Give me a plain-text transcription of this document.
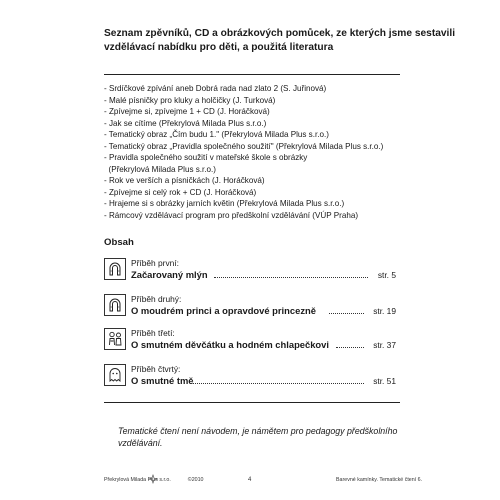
Seznam zpěvníků, CD a obrázkových pomůcek, ze kterých jsme sestavili
vzdělávací nabídku pro děti, a použitá literatura
- Srdíčkové zpívání aneb Dobrá rada nad zlato 2 (S. Juřinová)
- Malé písničky pro kluky a holčičky (J. Turková)
- Zpívejme si, zpívejme 1 + CD (J. Horáčková)
- Jak se cítíme (Překrylová Milada Plus s.r.o.)
- Tematický obraz „Čím budu 1." (Překrylová Milada Plus s.r.o.)
- Tematický obraz „Pravidla společného soužití" (Překrylová Milada Plus s.r.o.)
- Pravidla společného soužití v mateřské škole s obrázky
(Překrylová Milada Plus s.r.o.)
- Rok ve verších a písničkách (J. Horáčková)
- Zpívejme si celý rok + CD (J. Horáčková)
- Hrajeme si s obrázky jarních květin (Překrylová Milada Plus s.r.o.)
- Rámcový vzdělávací program pro předškolní vzdělávání (VÚP Praha)
Obsah
Příběh první:
Začarovaný mlýn	str. 5
Příběh druhý:
O moudrém princi a opravdové princezně	str. 19
Příběh třetí:
O smutném děvčátku a hodném chlapečkovi	str. 37
Příběh čtvrtý:
O smutné tmě	str. 51
Tematické čtení není návodem, je námětem pro pedagogy předškolního vzdělávání.
Překrylová Milada Plus s.r.o.	©2010	4	Barevné kamínky. Tematické čtení 6.
